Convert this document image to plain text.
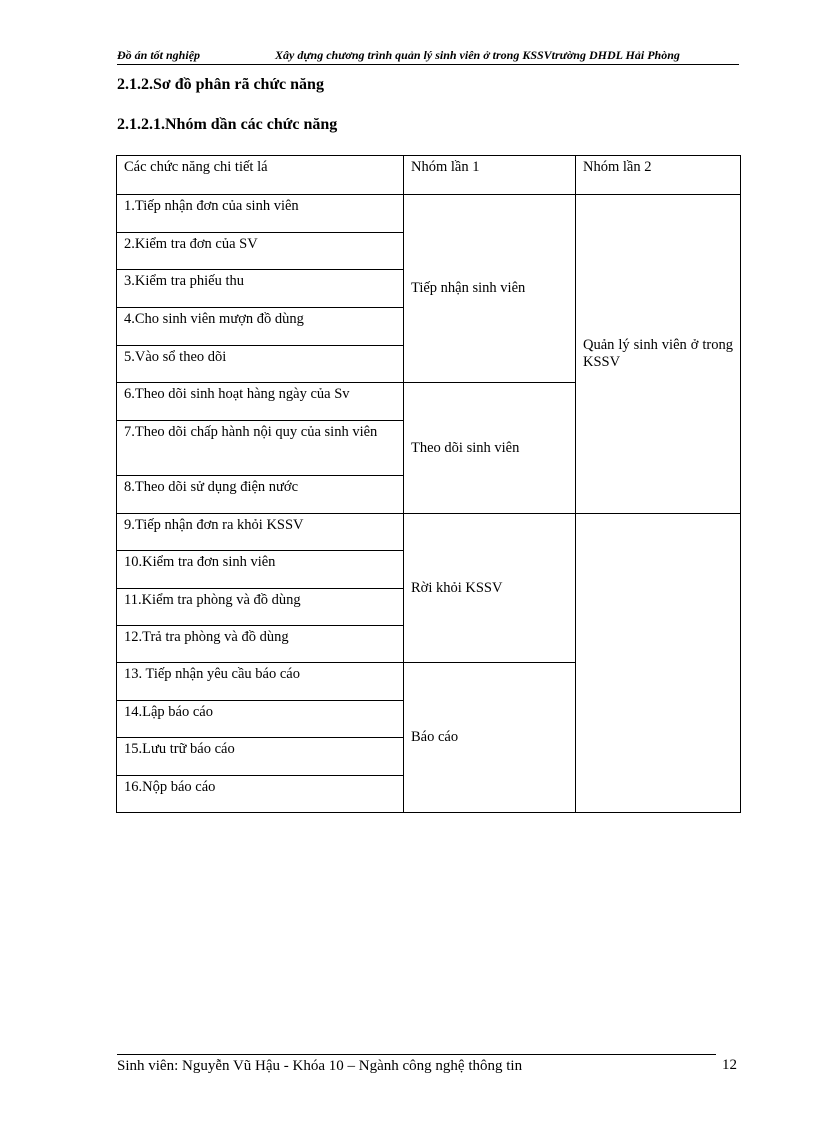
Đồ án tốt nghiệp	Xây dựng chương trình quản lý sinh viên ở trong KSSVtrường DHDL Hải Phòng
2.1.2.Sơ đồ phân rã chức năng
2.1.2.1.Nhóm dần các chức năng
Các chức năng chi tiết lá	Nhóm lần 1	Nhóm lần 2
1.Tiếp nhận đơn của sinh viên	Tiếp nhận sinh viên	Quản lý sinh viên ở trong KSSV
2.Kiểm tra đơn của SV		
3.Kiểm tra phiếu thu		
4.Cho sinh viên mượn đồ dùng		
5.Vào sổ theo dõi		
6.Theo dõi sinh hoạt hàng ngày của Sv	Theo dõi sinh viên	
7.Theo dõi chấp hành nội quy của sinh viên		
8.Theo dõi sử dụng điện nước		
9.Tiếp nhận đơn ra khỏi KSSV	Rời khỏi KSSV	
10.Kiểm tra đơn sinh viên		
11.Kiểm tra phòng và đồ dùng		
12.Trả tra phòng và đồ dùng		
13. Tiếp nhận yêu cầu báo cáo	Báo cáo	
14.Lập báo cáo		
15.Lưu trữ báo cáo		
16.Nộp báo cáo		
Sinh viên: Nguyễn Vũ Hậu - Khóa 10 – Ngành công nghệ thông tin	12
